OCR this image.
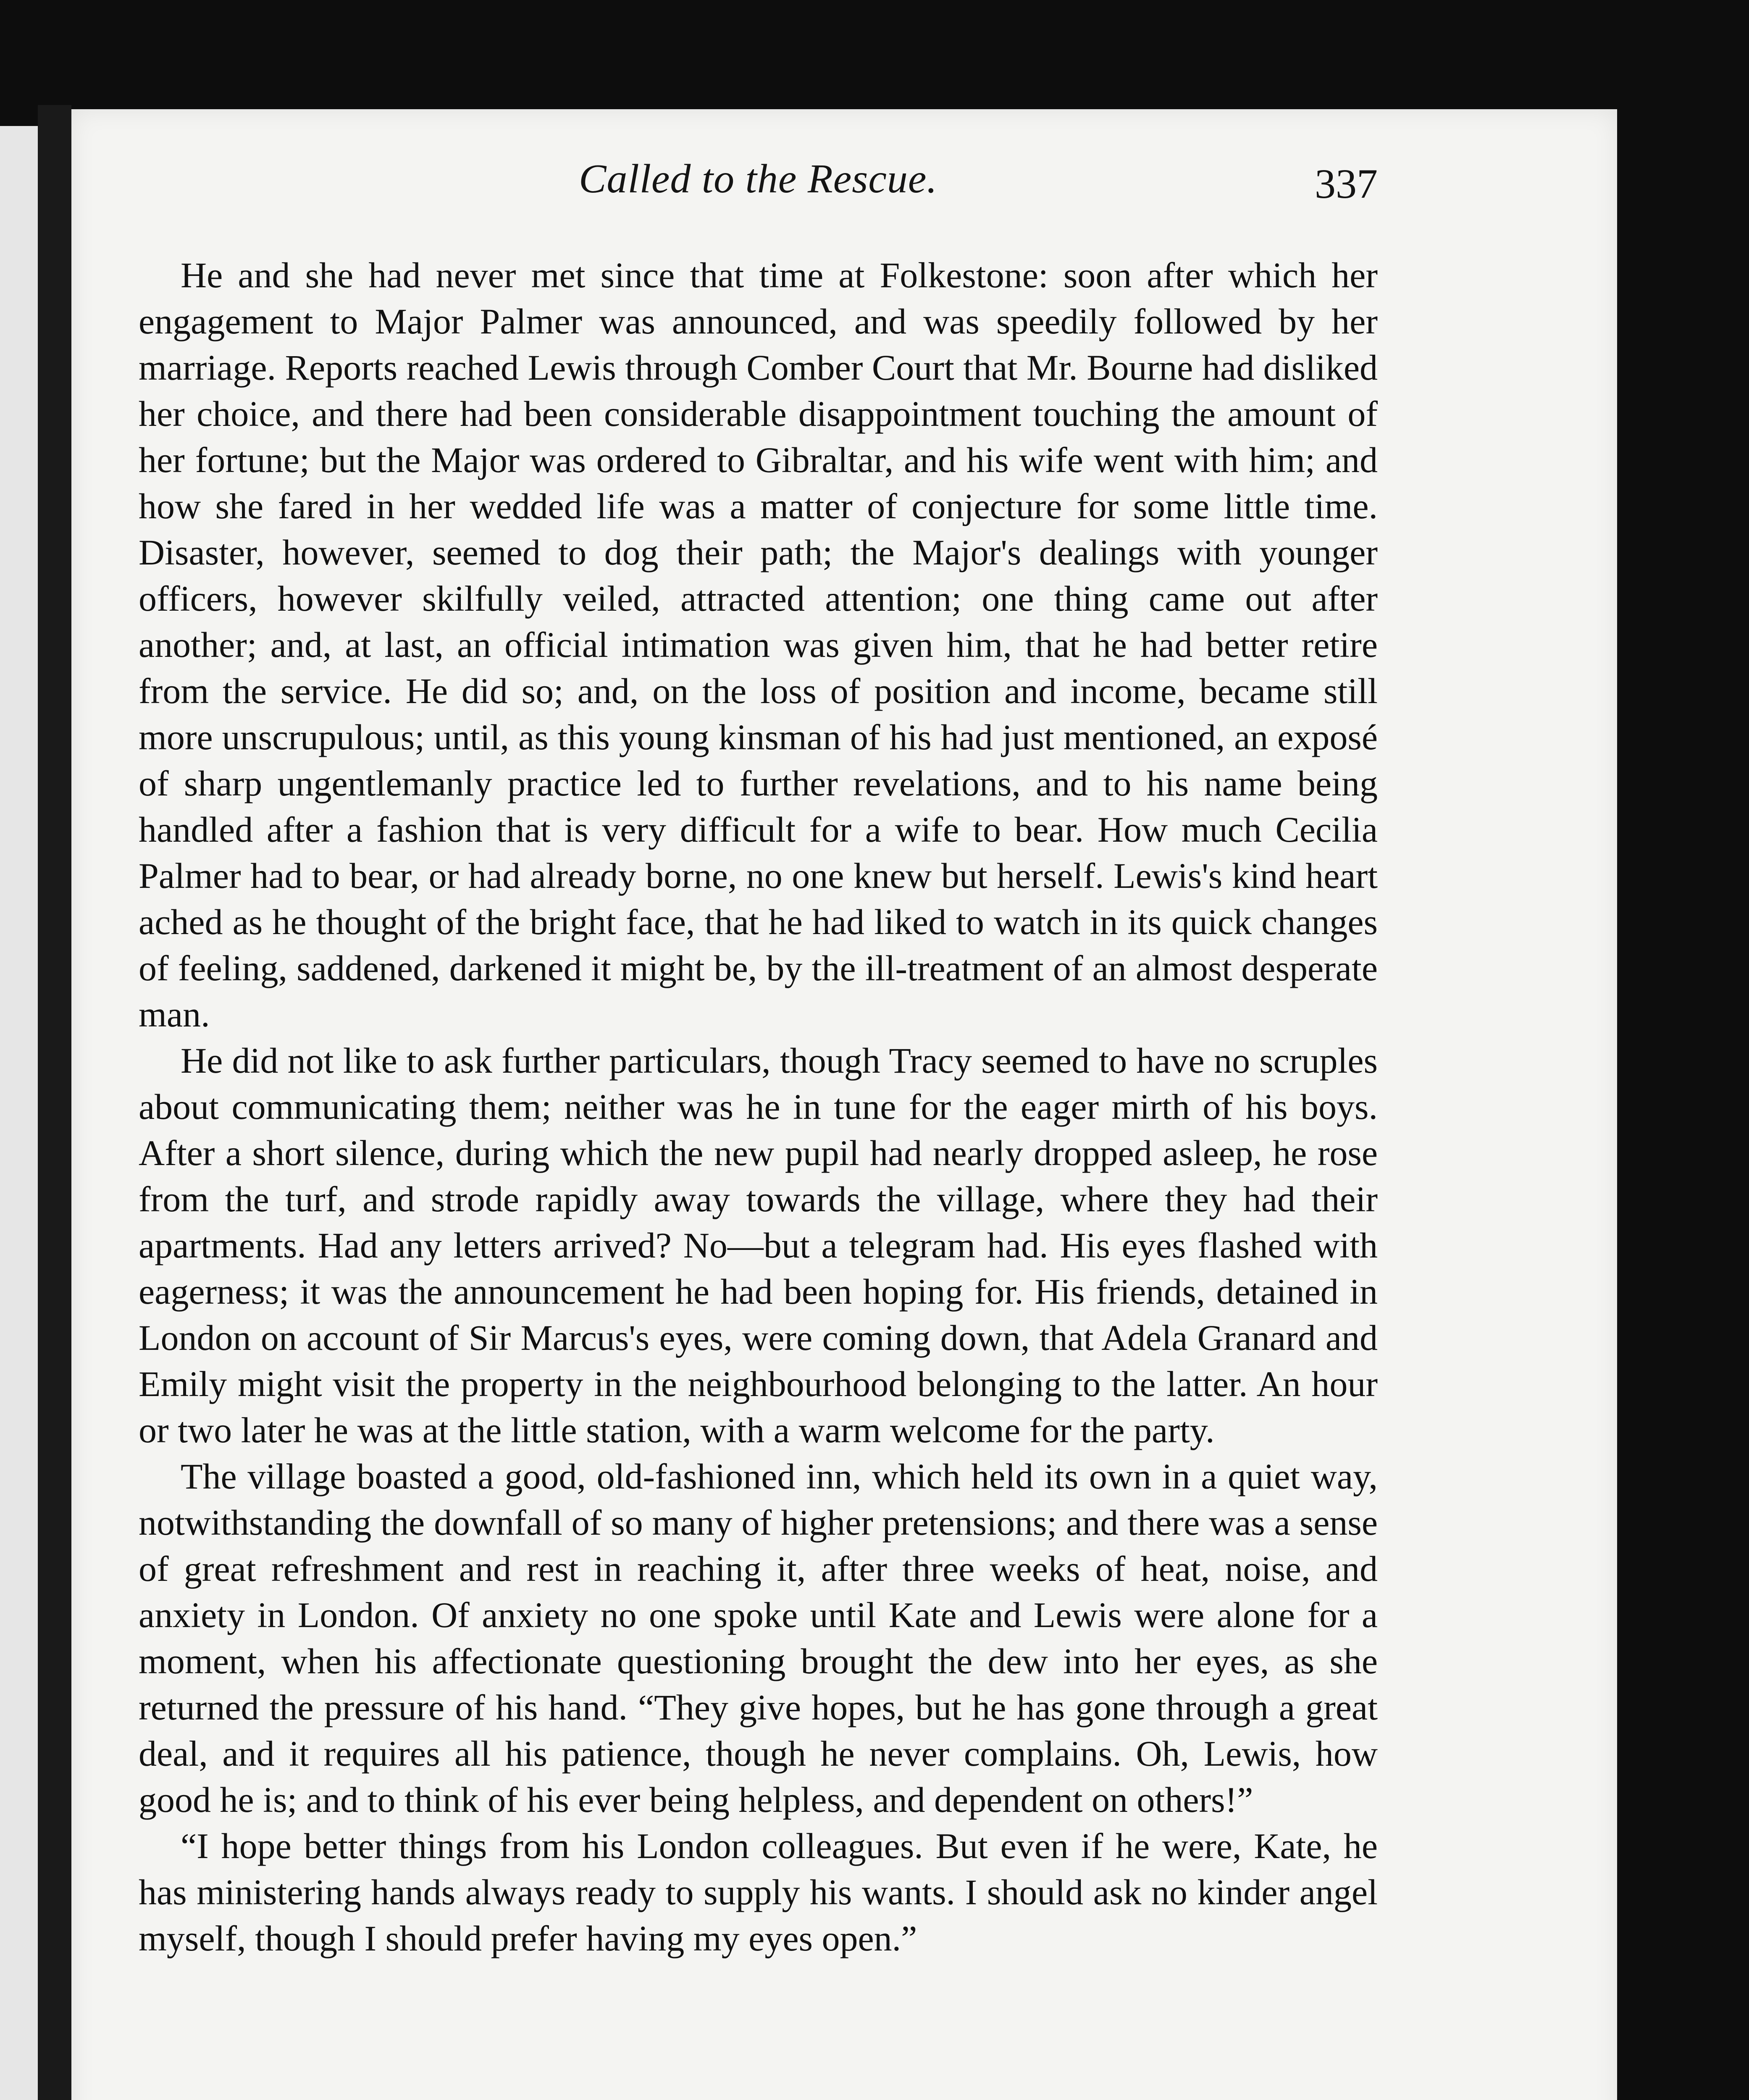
Called to the Rescue.	337

He and she had never met since that time at Folkestone: soon after which her engagement to Major Palmer was announced, and was speedily followed by her marriage. Reports reached Lewis through Comber Court that Mr. Bourne had disliked her choice, and there had been considerable disappointment touching the amount of her fortune; but the Major was ordered to Gibraltar, and his wife went with him; and how she fared in her wedded life was a matter of conjecture for some little time. Disaster, however, seemed to dog their path; the Major's dealings with younger officers, however skilfully veiled, attracted attention; one thing came out after another; and, at last, an official intimation was given him, that he had better retire from the service. He did so; and, on the loss of position and income, became still more unscrupulous; until, as this young kinsman of his had just mentioned, an exposé of sharp ungentlemanly practice led to further revelations, and to his name being handled after a fashion that is very difficult for a wife to bear. How much Cecilia Palmer had to bear, or had already borne, no one knew but herself. Lewis's kind heart ached as he thought of the bright face, that he had liked to watch in its quick changes of feeling, saddened, darkened it might be, by the ill-treatment of an almost desperate man.

He did not like to ask further particulars, though Tracy seemed to have no scruples about communicating them; neither was he in tune for the eager mirth of his boys. After a short silence, during which the new pupil had nearly dropped asleep, he rose from the turf, and strode rapidly away towards the village, where they had their apartments. Had any letters arrived? No—but a telegram had. His eyes flashed with eagerness; it was the announcement he had been hoping for. His friends, detained in London on account of Sir Marcus's eyes, were coming down, that Adela Granard and Emily might visit the property in the neighbourhood belonging to the latter. An hour or two later he was at the little station, with a warm welcome for the party.

The village boasted a good, old-fashioned inn, which held its own in a quiet way, notwithstanding the downfall of so many of higher pretensions; and there was a sense of great refreshment and rest in reaching it, after three weeks of heat, noise, and anxiety in London. Of anxiety no one spoke until Kate and Lewis were alone for a moment, when his affectionate questioning brought the dew into her eyes, as she returned the pressure of his hand. “They give hopes, but he has gone through a great deal, and it requires all his patience, though he never complains. Oh, Lewis, how good he is; and to think of his ever being helpless, and dependent on others!”

“I hope better things from his London colleagues. But even if he were, Kate, he has ministering hands always ready to supply his wants. I should ask no kinder angel myself, though I should prefer having my eyes open.”
